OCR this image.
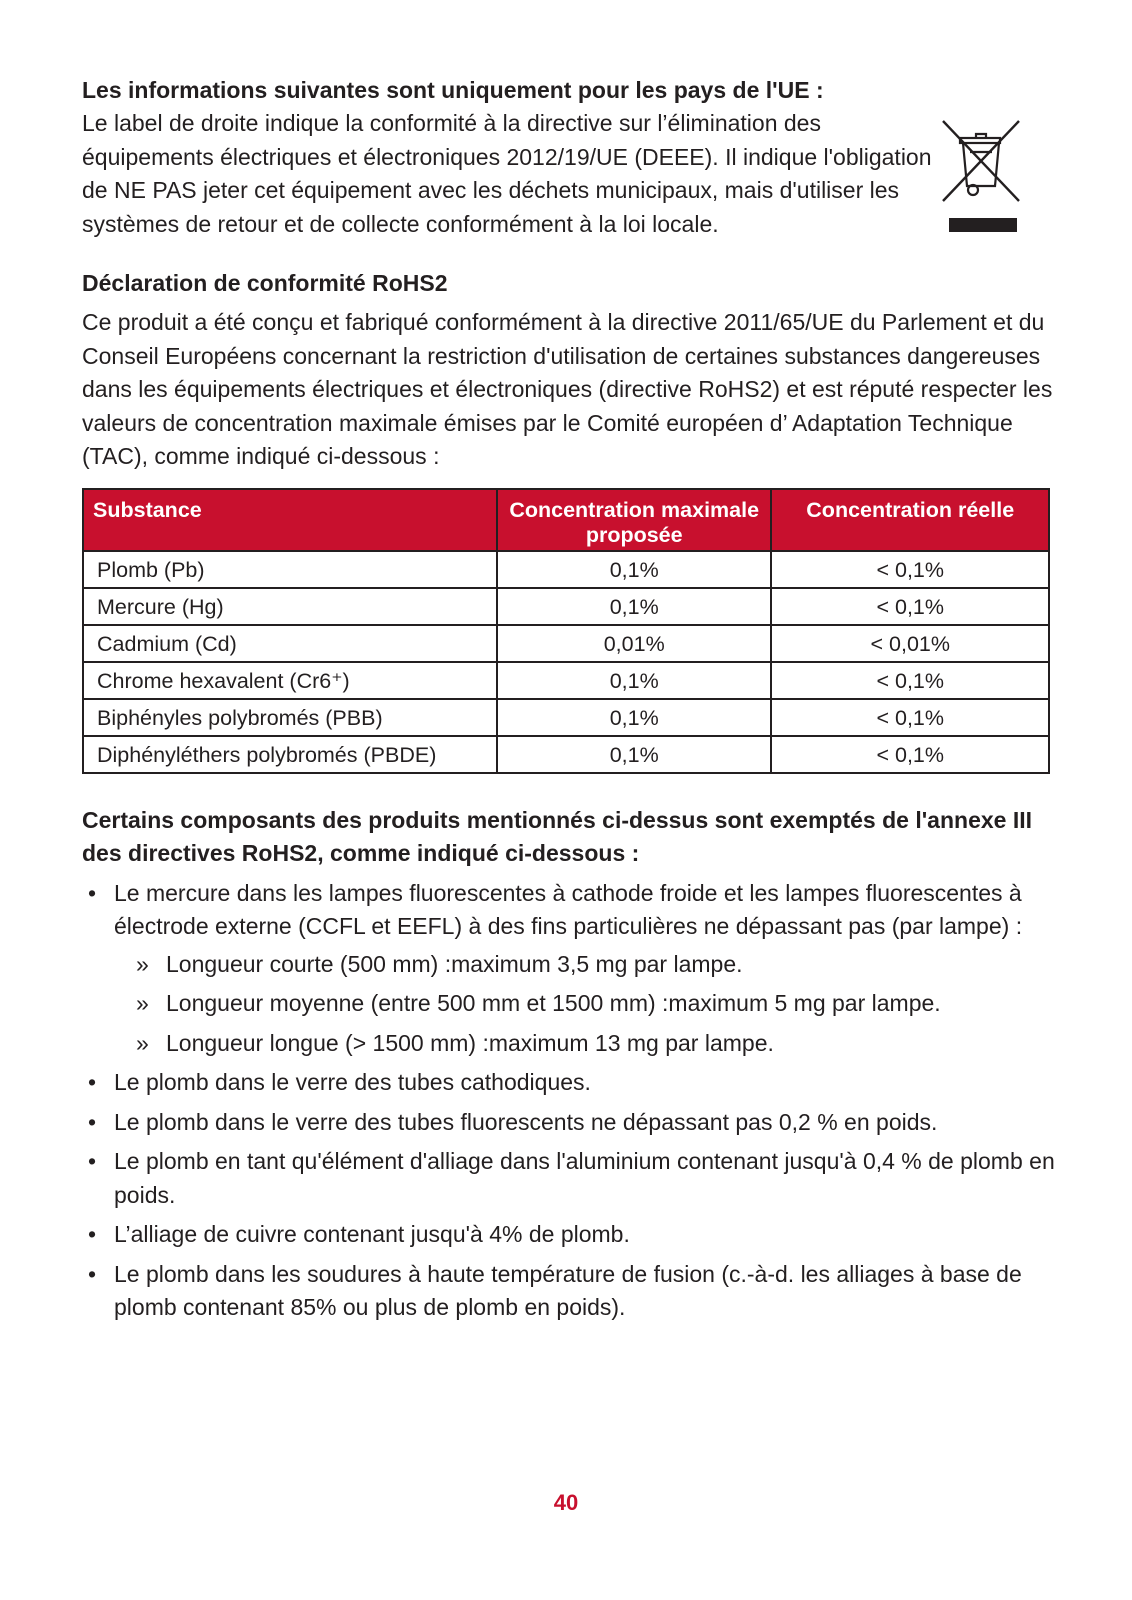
Les informations suivantes sont uniquement pour les pays de l'UE :

Le label de droite indique la conformité à la directive sur l’élimination des équipements électriques et électroniques 2012/19/UE (DEEE). Il indique l'obligation de NE PAS jeter cet équipement avec les déchets municipaux, mais d'utiliser les systèmes de retour et de collecte conformément à la loi locale.

Déclaration de conformité RoHS2

Ce produit a été conçu et fabriqué conformément à la directive 2011/65/UE du Parlement et du Conseil Européens concernant la restriction d'utilisation de certaines substances dangereuses dans les équipements électriques et électroniques (directive RoHS2) et est réputé respecter les valeurs de concentration maximale émises par le Comité européen d’ Adaptation Technique (TAC), comme indiqué ci-dessous :

Substance	Concentration maximale proposée	Concentration réelle
Plomb (Pb)	0,1%	< 0,1%
Mercure (Hg)	0,1%	< 0,1%
Cadmium (Cd)	0,01%	< 0,01%
Chrome hexavalent (Cr6⁺)	0,1%	< 0,1%
Biphényles polybromés (PBB)	0,1%	< 0,1%
Diphényléthers polybromés (PBDE)	0,1%	< 0,1%

Certains composants des produits mentionnés ci-dessus sont exemptés de l'annexe III des directives RoHS2, comme indiqué ci-dessous :

• Le mercure dans les lampes fluorescentes à cathode froide et les lampes fluorescentes à électrode externe (CCFL et EEFL) à des fins particulières ne dépassant pas (par lampe) :
» Longueur courte (500 mm) :maximum 3,5 mg par lampe.
» Longueur moyenne (entre 500 mm et 1500 mm) :maximum 5 mg par lampe.
» Longueur longue (> 1500 mm) :maximum 13 mg par lampe.
• Le plomb dans le verre des tubes cathodiques.
• Le plomb dans le verre des tubes fluorescents ne dépassant pas 0,2 % en poids.
• Le plomb en tant qu'élément d'alliage dans l'aluminium contenant jusqu'à 0,4 % de plomb en poids.
• L’alliage de cuivre contenant jusqu'à 4% de plomb.
• Le plomb dans les soudures à haute température de fusion (c.-à-d. les alliages à base de plomb contenant 85% ou plus de plomb en poids).
40
